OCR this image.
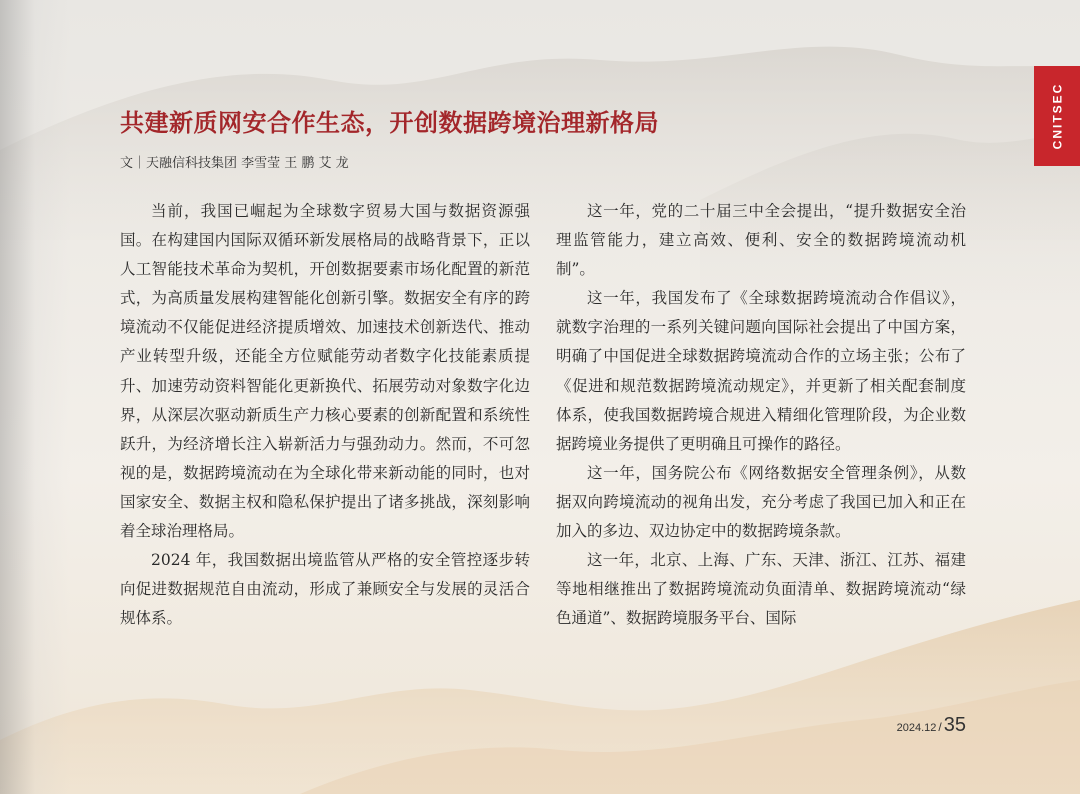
CNITSEC
共建新质网安合作生态，开创数据跨境治理新格局
文｜天融信科技集团 李雪莹 王 鹏 艾 龙

当前，我国已崛起为全球数字贸易大国与数据资源强国。在构建国内国际双循环新发展格局的战略背景下，正以人工智能技术革命为契机，开创数据要素市场化配置的新范式，为高质量发展构建智能化创新引擎。数据安全有序的跨境流动不仅能促进经济提质增效、加速技术创新迭代、推动产业转型升级，还能全方位赋能劳动者数字化技能素质提升、加速劳动资料智能化更新换代、拓展劳动对象数字化边界，从深层次驱动新质生产力核心要素的创新配置和系统性跃升，为经济增长注入崭新活力与强劲动力。然而，不可忽视的是，数据跨境流动在为全球化带来新动能的同时，也对国家安全、数据主权和隐私保护提出了诸多挑战，深刻影响着全球治理格局。

2024 年，我国数据出境监管从严格的安全管控逐步转向促进数据规范自由流动，形成了兼顾安全与发展的灵活合规体系。

这一年，党的二十届三中全会提出，“提升数据安全治理监管能力，建立高效、便利、安全的数据跨境流动机制”。

这一年，我国发布了《全球数据跨境流动合作倡议》，就数字治理的一系列关键问题向国际社会提出了中国方案，明确了中国促进全球数据跨境流动合作的立场主张；公布了《促进和规范数据跨境流动规定》，并更新了相关配套制度体系，使我国数据跨境合规进入精细化管理阶段，为企业数据跨境业务提供了更明确且可操作的路径。

这一年，国务院公布《网络数据安全管理条例》，从数据双向跨境流动的视角出发，充分考虑了我国已加入和正在加入的多边、双边协定中的数据跨境条款。

这一年，北京、上海、广东、天津、浙江、江苏、福建等地相继推出了数据跨境流动负面清单、数据跨境流动“绿色通道”、数据跨境服务平台、国际

2024.12 / 35
